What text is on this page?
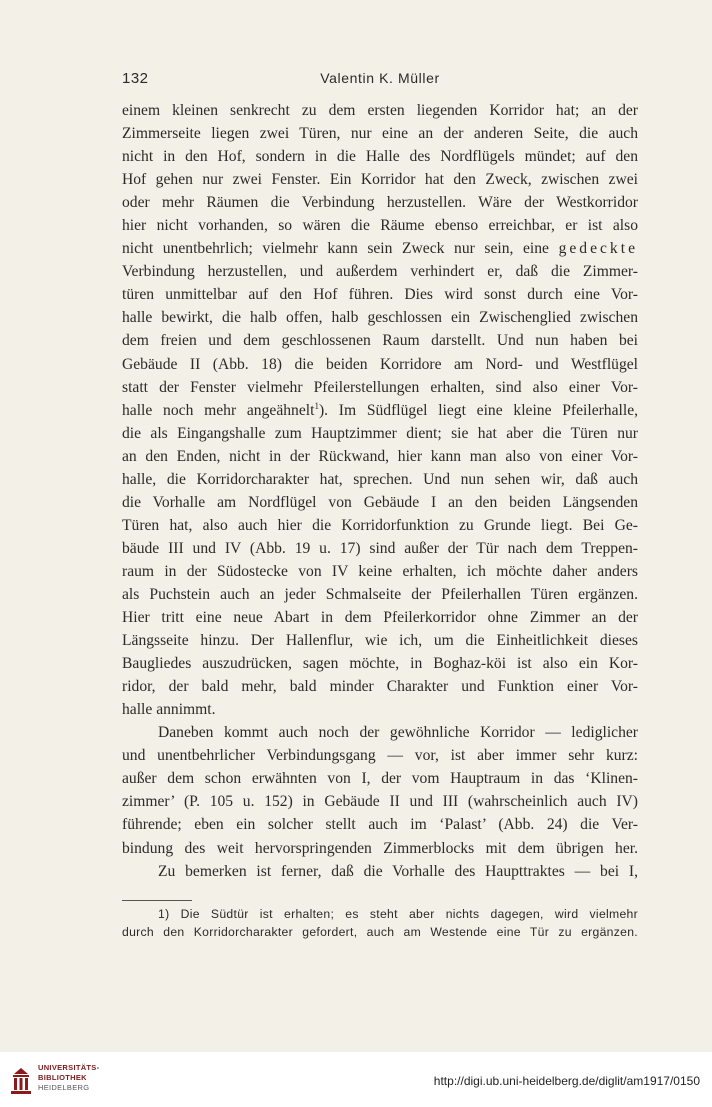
132	Valentin K. Müller
einem kleinen senkrecht zu dem ersten liegenden Korridor hat; an der
Zimmerseite liegen zwei Türen, nur eine an der anderen Seite, die auch
nicht in den Hof, sondern in die Halle des Nordflügels mündet; auf den
Hof gehen nur zwei Fenster. Ein Korridor hat den Zweck, zwischen zwei
oder mehr Räumen die Verbindung herzustellen. Wäre der Westkorridor
hier nicht vorhanden, so wären die Räume ebenso erreichbar, er ist also
nicht unentbehrlich; vielmehr kann sein Zweck nur sein, eine gedeckte
Verbindung herzustellen, und außerdem verhindert er, daß die Zimmer-
türen unmittelbar auf den Hof führen. Dies wird sonst durch eine Vor-
halle bewirkt, die halb offen, halb geschlossen ein Zwischenglied zwischen
dem freien und dem geschlossenen Raum darstellt. Und nun haben bei
Gebäude II (Abb. 18) die beiden Korridore am Nord- und Westflügel
statt der Fenster vielmehr Pfeilerstellungen erhalten, sind also einer Vor-
halle noch mehr angeähnelt$^1$). Im Südflügel liegt eine kleine Pfeilerhalle,
die als Eingangshalle zum Hauptzimmer dient; sie hat aber die Türen nur
an den Enden, nicht in der Rückwand, hier kann man also von einer Vor-
halle, die Korridorcharakter hat, sprechen. Und nun sehen wir, daß auch
die Vorhalle am Nordflügel von Gebäude I an den beiden Längsenden
Türen hat, also auch hier die Korridorfunktion zu Grunde liegt. Bei Ge-
bäude III und IV (Abb. 19 u. 17) sind außer der Tür nach dem Treppen-
raum in der Südostecke von IV keine erhalten, ich möchte daher anders
als Puchstein auch an jeder Schmalseite der Pfeilerhallen Türen ergänzen.
Hier tritt eine neue Abart in dem Pfeilerkorridor ohne Zimmer an der
Längsseite hinzu. Der Hallenflur, wie ich, um die Einheitlichkeit dieses
Baugliedes auszudrücken, sagen möchte, in Boghaz-köi ist also ein Kor-
ridor, der bald mehr, bald minder Charakter und Funktion einer Vor-
halle annimmt.
Daneben kommt auch noch der gewöhnliche Korridor — lediglicher
und unentbehrlicher Verbindungsgang — vor, ist aber immer sehr kurz:
außer dem schon erwähnten von I, der vom Hauptraum in das ‘Klinen-
zimmer’ (P. 105 u. 152) in Gebäude II und III (wahrscheinlich auch IV)
führende; eben ein solcher stellt auch im ‘Palast’ (Abb. 24) die Ver-
bindung des weit hervorspringenden Zimmerblocks mit dem übrigen her.
Zu bemerken ist ferner, daß die Vorhalle des Haupttraktes — bei I,
1) Die Südtür ist erhalten; es steht aber nichts dagegen, wird vielmehr
durch den Korridorcharakter gefordert, auch am Westende eine Tür zu ergänzen.
UNIVERSITÄTS-
BIBLIOTHEK
HEIDELBERG	http://digi.ub.uni-heidelberg.de/diglit/am1917/0150
